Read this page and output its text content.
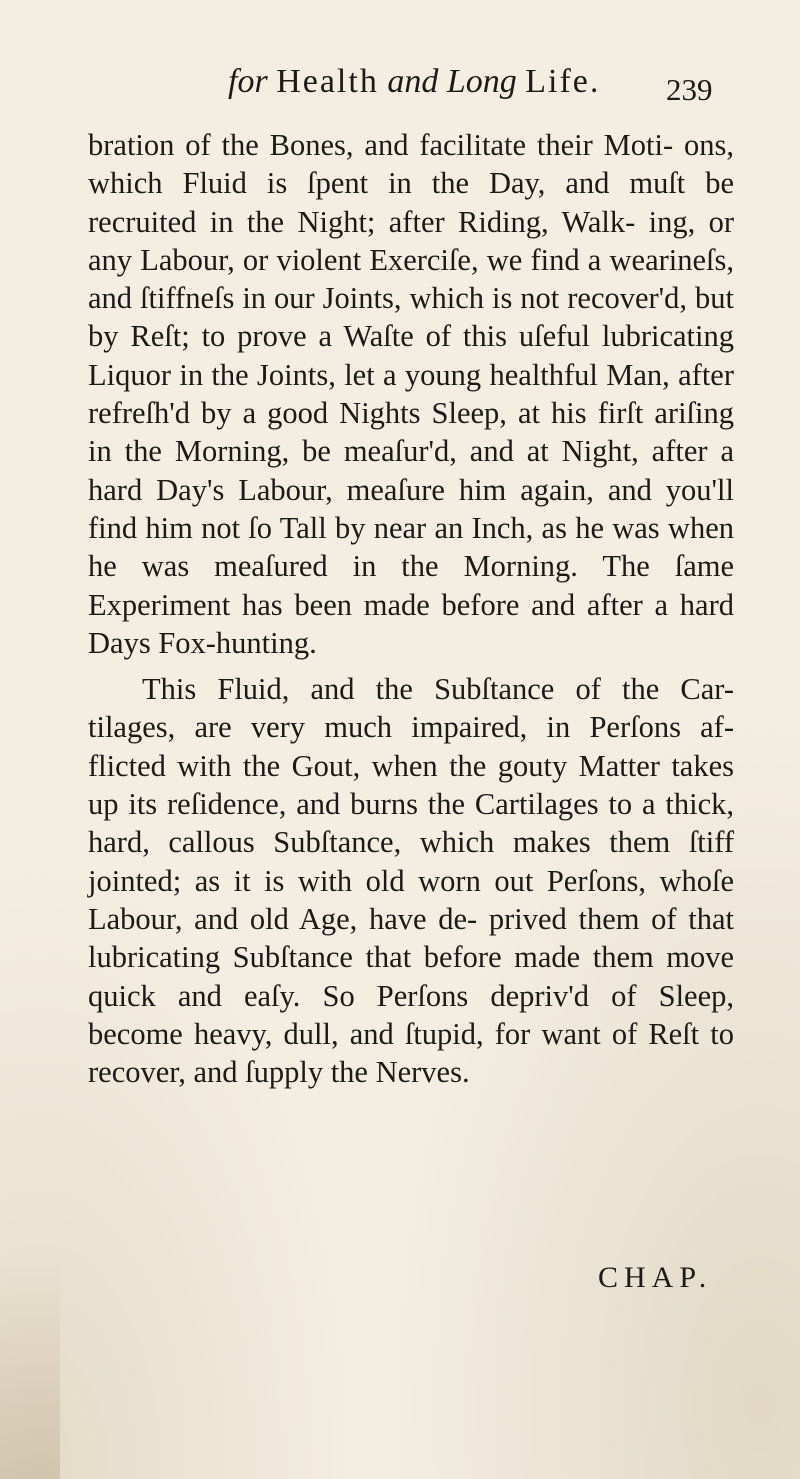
for Health and Long Life. 239

bration of the Bones, and facilitate their Moti- ons, which Fluid is ſpent in the Day, and muſt be recruited in the Night; after Riding, Walk- ing, or any Labour, or violent Exerciſe, we find a wearineſs, and ſtiffneſs in our Joints, which is not recover'd, but by Reſt; to prove a Waſte of this uſeful lubricating Liquor in the Joints, let a young healthful Man, after refreſh'd by a good Nights Sleep, at his firſt ariſing in the Morning, be meaſur'd, and at Night, after a hard Day's Labour, meaſure him again, and you'll find him not ſo Tall by near an Inch, as he was when he was meaſured in the Morning. The ſame Experiment has been made before and after a hard Days Fox-hunting.

This Fluid, and the Subſtance of the Car- tilages, are very much impaired, in Perſons af- flicted with the Gout, when the gouty Matter takes up its reſidence, and burns the Cartilages to a thick, hard, callous Subſtance, which makes them ſtiff jointed; as it is with old worn out Perſons, whoſe Labour, and old Age, have de- prived them of that lubricating Subſtance that before made them move quick and eaſy. So Perſons depriv'd of Sleep, become heavy, dull, and ſtupid, for want of Reſt to recover, and ſupply the Nerves.

CHAP.
